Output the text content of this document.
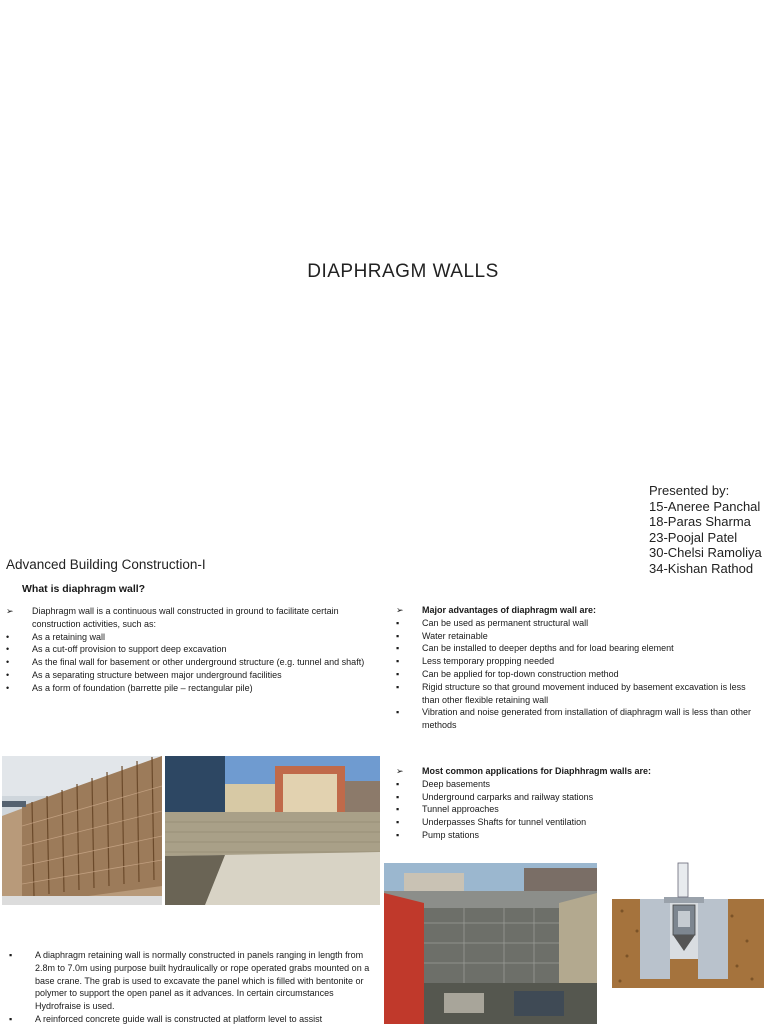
DIAPHRAGM WALLS
Presented by:
15-Aneree Panchal
18-Paras Sharma
23-Poojal Patel
30-Chelsi Ramoliya
34-Kishan Rathod
Advanced Building Construction-I
What is diaphragm wall?
➢ Diaphragm wall is a continuous wall constructed in ground to facilitate certain construction activities, such as:
•	As a retaining wall
•	As a cut-off provision to support deep excavation
•	As the final wall for basement or other underground structure (e.g. tunnel and shaft)
•	As a separating structure between major underground facilities
•	As a form of foundation (barrette pile – rectangular pile)
➢ Major advantages of diaphragm wall are:
▪	Can be used as permanent structural wall
▪	Water retainable
▪	Can be installed to deeper depths and for load bearing element
▪	Less temporary propping needed
▪	Can be applied for top-down construction method
▪	Rigid structure so that ground movement induced by basement excavation is less than other flexible retaining wall
▪	Vibration and noise generated from installation of diaphragm wall is less than other methods
➢ Most common applications for Diaphhragm walls are:
▪	Deep basements
▪	Underground carparks and railway stations
▪	Tunnel approaches
▪	Underpasses Shafts for tunnel ventilation
▪	Pump stations
▪	A diaphragm retaining wall is normally constructed in panels ranging in length from 2.8m to 7.0m using purpose built hydraulically or rope operated grabs mounted on a base crane. The grab is used to excavate the panel which is filled with bentonite or polymer to support the open panel as it advances. In certain circumstances Hydrofraise is used.
▪	A reinforced concrete guide wall is constructed at platform level to assist
